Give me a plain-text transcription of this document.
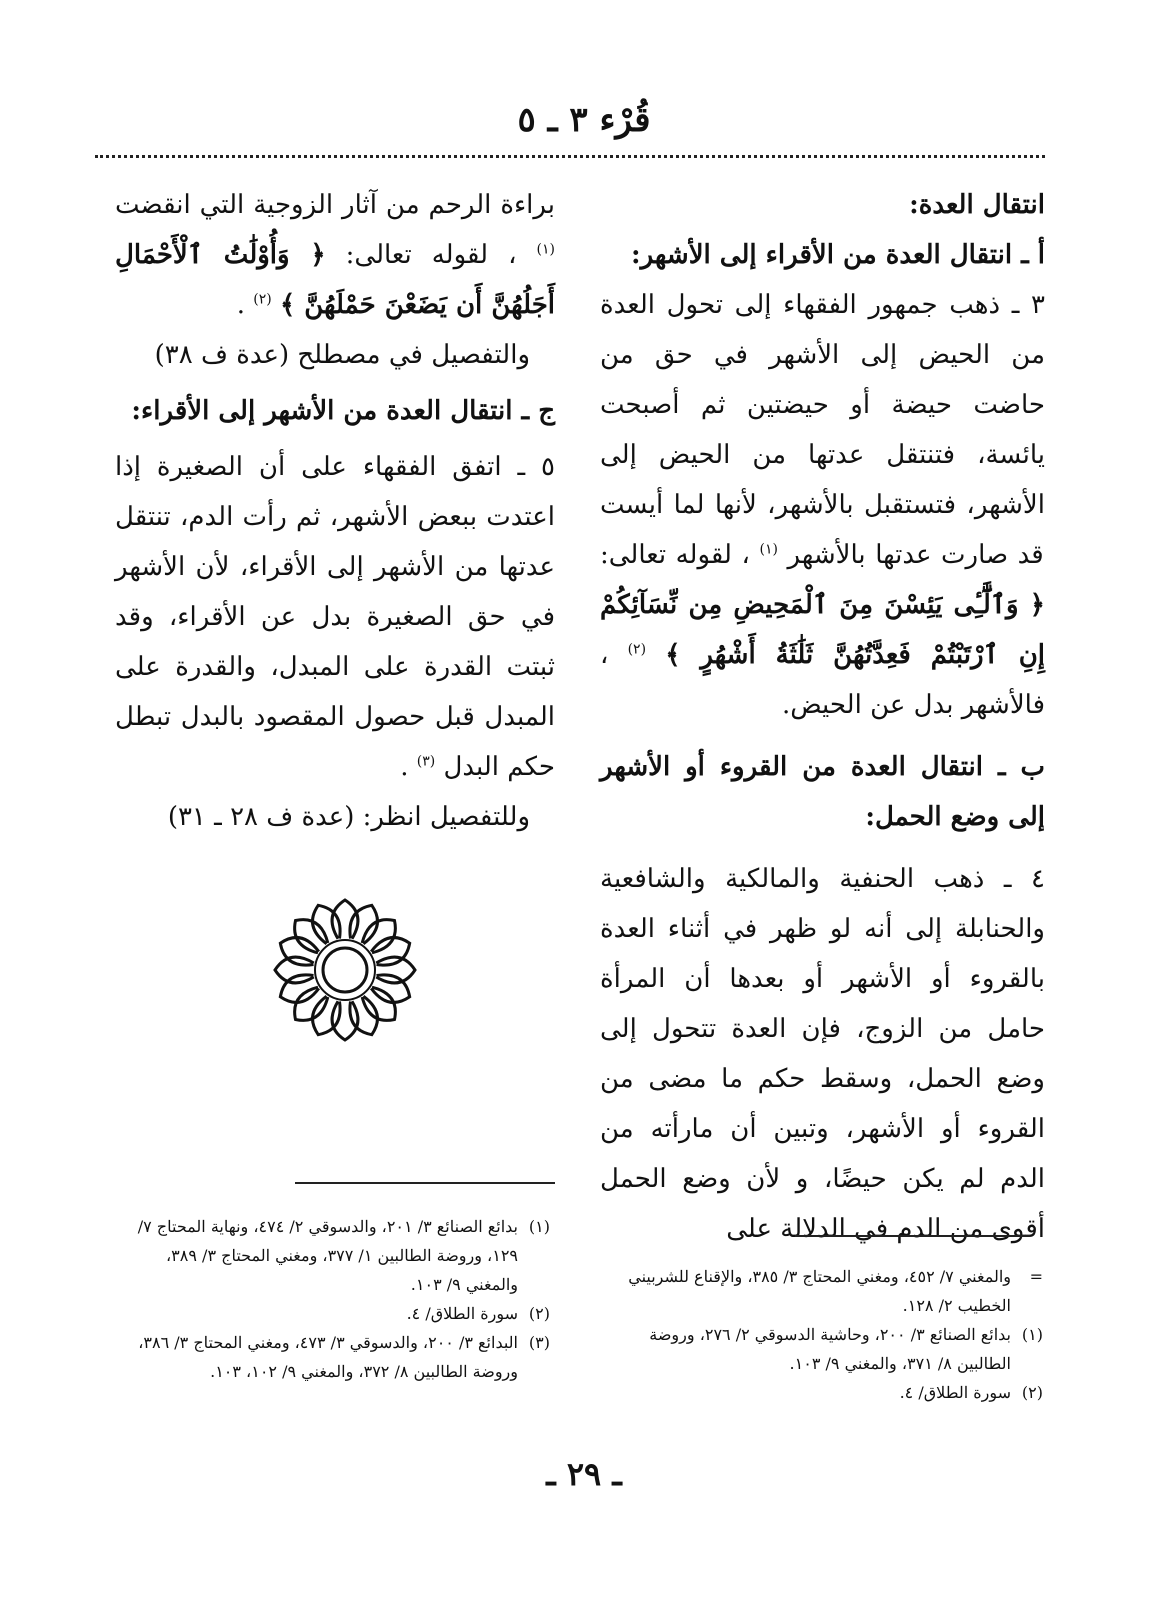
قُرْء ٣ ـ ٥

انتقال العدة:

أ ـ انتقال العدة من الأقراء إلى الأشهر:

٣ ـ ذهب جمهور الفقهاء إلى تحول العدة من الحيض إلى الأشهر في حق من حاضت حيضة أو حيضتين ثم أصبحت يائسة، فتنتقل عدتها من الحيض إلى الأشهر، فتستقبل بالأشهر، لأنها لما أيست قد صارت عدتها بالأشهر $^{(١)}$ ، لقوله تعالى: ﴿ وَٱلَّٰٓـِٔى يَئِسْنَ مِنَ ٱلْمَحِيضِ مِن نِّسَآئِكُمْ إِنِ ٱرْتَبْتُمْ فَعِدَّتُهُنَّ ثَلَٰثَةُ أَشْهُرٍ ﴾ $^{(٢)}$ ، فالأشهر بدل عن الحيض.

ب ـ انتقال العدة من القروء أو الأشهر إلى وضع الحمل:

٤ ـ ذهب الحنفية والمالكية والشافعية والحنابلة إلى أنه لو ظهر في أثناء العدة بالقروء أو الأشهر أو بعدها أن المرأة حامل من الزوج، فإن العدة تتحول إلى وضع الحمل، وسقط حكم ما مضى من القروء أو الأشهر، وتبين أن مارأته من الدم لم يكن حيضًا، و لأن وضع الحمل أقوى من الدم في الدلالة على

براءة الرحم من آثار الزوجية التي انقضت $^{(١)}$ ، لقوله تعالى: ﴿ وَأُوْلَٰتُ ٱلْأَحْمَالِ أَجَلُهُنَّ أَن يَضَعْنَ حَمْلَهُنَّ ﴾ $^{(٢)}$ .

والتفصيل في مصطلح (عدة ف ٣٨)

ج ـ انتقال العدة من الأشهر إلى الأقراء:

٥ ـ اتفق الفقهاء على أن الصغيرة إذا اعتدت ببعض الأشهر، ثم رأت الدم، تنتقل عدتها من الأشهر إلى الأقراء، لأن الأشهر في حق الصغيرة بدل عن الأقراء، وقد ثبتت القدرة على المبدل، والقدرة على المبدل قبل حصول المقصود بالبدل تبطل حكم البدل $^{(٣)}$ .

وللتفصيل انظر: (عدة ف ٢٨ ـ ٣١)

(١)
بدائع الصنائع ٣/ ٢٠١، والدسوقي ٢/ ٤٧٤، ونهاية المحتاج ٧/ ١٢٩، وروضة الطالبين ١/ ٣٧٧، ومغني المحتاج ٣/ ٣٨٩، والمغني ٩/ ١٠٣.
(٢)
سورة الطلاق/ ٤.
(٣)
البدائع ٣/ ٢٠٠، والدسوقي ٣/ ٤٧٣، ومغني المحتاج ٣/ ٣٨٦، وروضة الطالبين ٨/ ٣٧٢، والمغني ٩/ ١٠٢، ١٠٣.
=
والمغني ٧/ ٤٥٢، ومغني المحتاج ٣/ ٣٨٥، والإقناع للشربيني الخطيب ٢/ ١٢٨.
(١)
بدائع الصنائع ٣/ ٢٠٠، وحاشية الدسوقي ٢/ ٢٧٦، وروضة الطالبين ٨/ ٣٧١، والمغني ٩/ ١٠٣.
(٢)
سورة الطلاق/ ٤.
ـ ٢٩ ـ
